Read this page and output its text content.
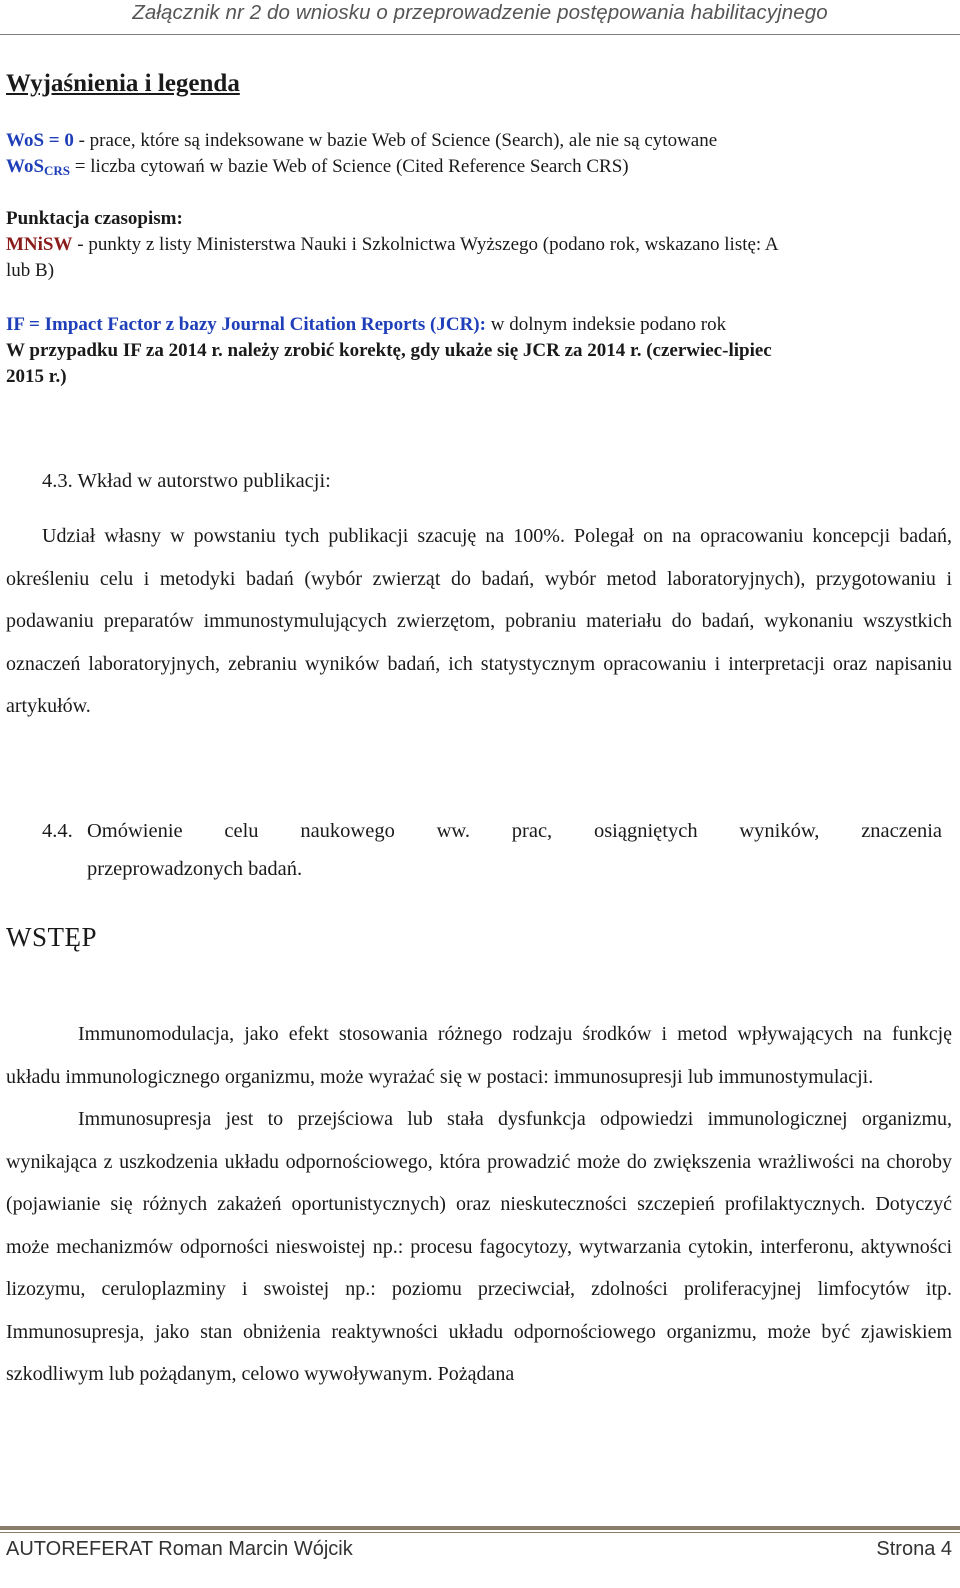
Załącznik nr 2 do wniosku o przeprowadzenie postępowania habilitacyjnego
Wyjaśnienia i legenda
WoS = 0 - prace, które są indeksowane w bazie Web of Science (Search), ale nie są cytowane
WoS$_{CRS}$ = liczba cytowań w bazie Web of Science (Cited Reference Search CRS)
Punktacja czasopism:
MNiSW - punkty z listy Ministerstwa Nauki i Szkolnictwa Wyższego (podano rok, wskazano listę: A
lub B)
IF = Impact Factor z bazy Journal Citation Reports (JCR): w dolnym indeksie podano rok
W przypadku IF za 2014 r. należy zrobić korektę, gdy ukaże się JCR za 2014 r. (czerwiec-lipiec
2015 r.)
4.3. Wkład w autorstwo publikacji:

Udział własny w powstaniu tych publikacji szacuję na 100%. Polegał on na opracowaniu koncepcji badań, określeniu celu i metodyki badań (wybór zwierząt do badań, wybór metod laboratoryjnych), przygotowaniu i podawaniu preparatów immunostymulujących zwierzętom, pobraniu materiału do badań, wykonaniu wszystkich oznaczeń laboratoryjnych, zebraniu wyników badań, ich statystycznym opracowaniu i interpretacji oraz napisaniu artykułów.

4.4. Omówienie celu naukowego ww. prac, osiągniętych wyników, znaczenia
przeprowadzonych badań.
WSTĘP

Immunomodulacja, jako efekt stosowania różnego rodzaju środków i metod wpływających na funkcję układu immunologicznego organizmu, może wyrażać się w postaci: immunosupresji lub immunostymulacji.

Immunosupresja jest to przejściowa lub stała dysfunkcja odpowiedzi immunologicznej organizmu, wynikająca z uszkodzenia układu odpornościowego, która prowadzić może do zwiększenia wrażliwości na choroby (pojawianie się różnych zakażeń oportunistycznych) oraz nieskuteczności szczepień profilaktycznych. Dotyczyć może mechanizmów odporności nieswoistej np.: procesu fagocytozy, wytwarzania cytokin, interferonu, aktywności lizozymu, ceruloplazminy i swoistej np.: poziomu przeciwciał, zdolności proliferacyjnej limfocytów itp. Immunosupresja, jako stan obniżenia reaktywności układu odpornościowego organizmu, może być zjawiskiem szkodliwym lub pożądanym, celowo wywoływanym. Pożądana

AUTOREFERAT Roman Marcin Wójcik	Strona 4
